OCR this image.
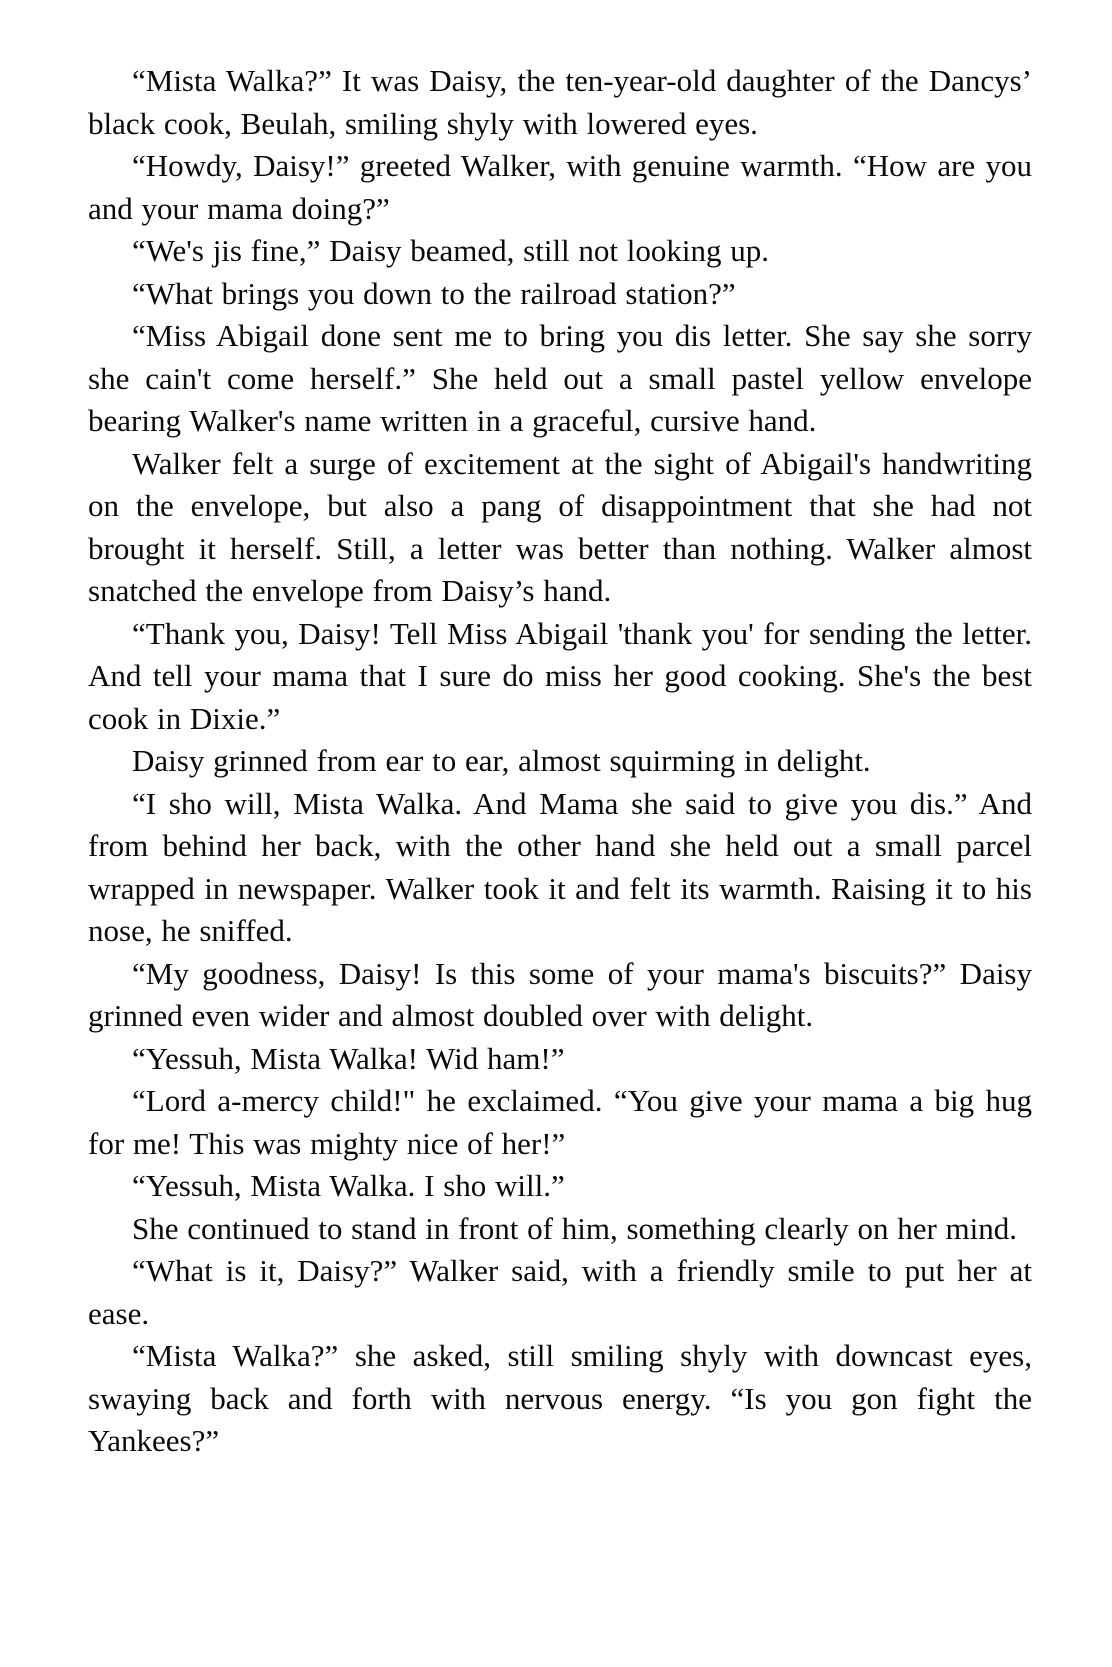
“Mista Walka?” It was Daisy, the ten-year-old daughter of the Dancys’ black cook, Beulah, smiling shyly with lowered eyes.

“Howdy, Daisy!” greeted Walker, with genuine warmth. “How are you and your mama doing?”

“We's jis fine,” Daisy beamed, still not looking up.

“What brings you down to the railroad station?”

“Miss Abigail done sent me to bring you dis letter. She say she sorry she cain't come herself.” She held out a small pastel yellow envelope bearing Walker's name written in a graceful, cursive hand.

Walker felt a surge of excitement at the sight of Abigail's handwriting on the envelope, but also a pang of disappointment that she had not brought it herself. Still, a letter was better than nothing. Walker almost snatched the envelope from Daisy’s hand.

“Thank you, Daisy! Tell Miss Abigail 'thank you' for sending the letter. And tell your mama that I sure do miss her good cooking. She's the best cook in Dixie.”

Daisy grinned from ear to ear, almost squirming in delight.

“I sho will, Mista Walka. And Mama she said to give you dis.” And from behind her back, with the other hand she held out a small parcel wrapped in newspaper. Walker took it and felt its warmth. Raising it to his nose, he sniffed.

“My goodness, Daisy! Is this some of your mama's biscuits?” Daisy grinned even wider and almost doubled over with delight.

“Yessuh, Mista Walka! Wid ham!”

“Lord a-mercy child!" he exclaimed. “You give your mama a big hug for me! This was mighty nice of her!”

“Yessuh, Mista Walka. I sho will.”

She continued to stand in front of him, something clearly on her mind.

“What is it, Daisy?” Walker said, with a friendly smile to put her at ease.

“Mista Walka?” she asked, still smiling shyly with downcast eyes, swaying back and forth with nervous energy. “Is you gon fight the Yankees?”
